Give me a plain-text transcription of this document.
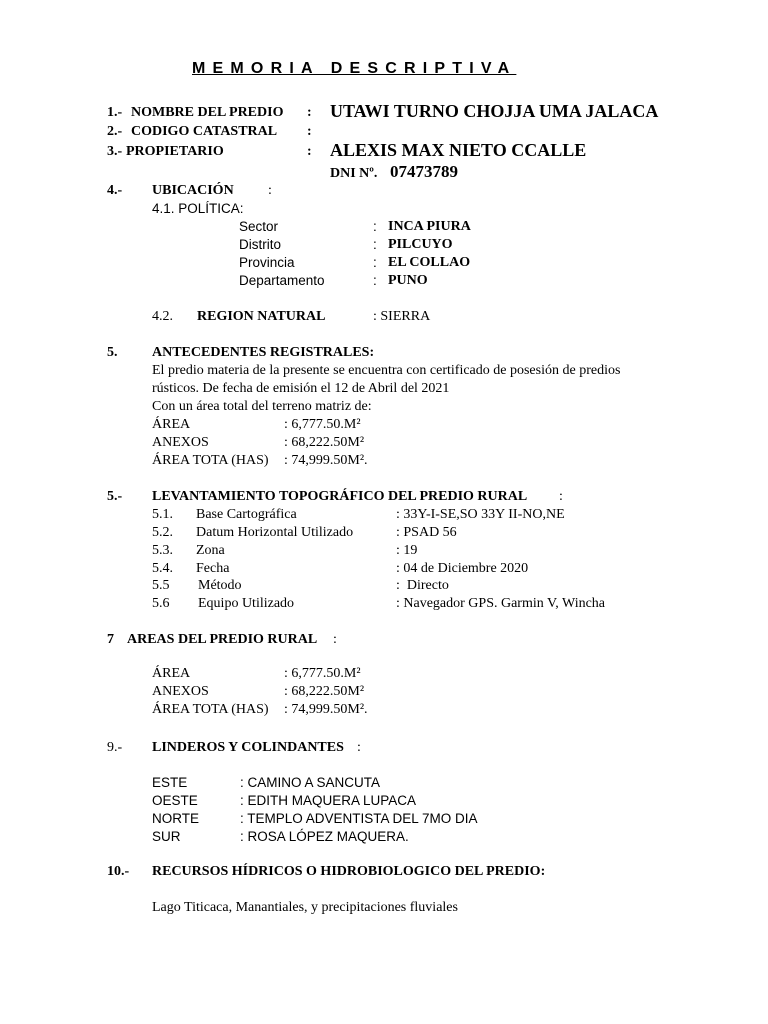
MEMORIA DESCRIPTIVA
1.- NOMBRE DEL PREDIO : UTAWI TURNO CHOJJA UMA JALACA
2.- CODIGO CATASTRAL :
3.- PROPIETARIO	: ALEXIS MAX NIETO CCALLE
DNI Nº. 07473789
4.- UBICACIÓN :
4.1. POLÍTICA:
Sector	: INCA PIURA
Distrito	: PILCUYO
Provincia	: EL COLLAO
Departamento	: PUNO
4.2. REGION NATURAL	: SIERRA
5. ANTECEDENTES REGISTRALES:
El predio materia de la presente se encuentra con certificado de posesión de predios
rústicos. De fecha de emisión el 12 de Abril del 2021
Con un área total del terreno matriz de:
ÁREA	: 6,777.50.M²
ANEXOS	: 68,222.50M²
ÁREA TOTA (HAS) : 74,999.50M².
5.- LEVANTAMIENTO TOPOGRÁFICO DEL PREDIO RURAL :
5.1. Base Cartográfica	: 33Y-I-SE,SO 33Y II-NO,NE
5.2. Datum Horizontal Utilizado	: PSAD 56
5.3. Zona	: 19
5.4. Fecha	: 04 de Diciembre 2020
5.5 Método	:  Directo
5.6 Equipo Utilizado	: Navegador GPS. Garmin V, Wincha
7 AREAS DEL PREDIO RURAL :
ÁREA	: 6,777.50.M²
ANEXOS	: 68,222.50M²
ÁREA TOTA (HAS) : 74,999.50M².
9.- LINDEROS Y COLINDANTES :
ESTE	: CAMINO A SANCUTA
OESTE	: EDITH MAQUERA LUPACA
NORTE	: TEMPLO ADVENTISTA DEL 7MO DIA
SUR	: ROSA LÓPEZ MAQUERA.
10.- RECURSOS HÍDRICOS O HIDROBIOLOGICO DEL PREDIO:
Lago Titicaca, Manantiales, y precipitaciones fluviales
